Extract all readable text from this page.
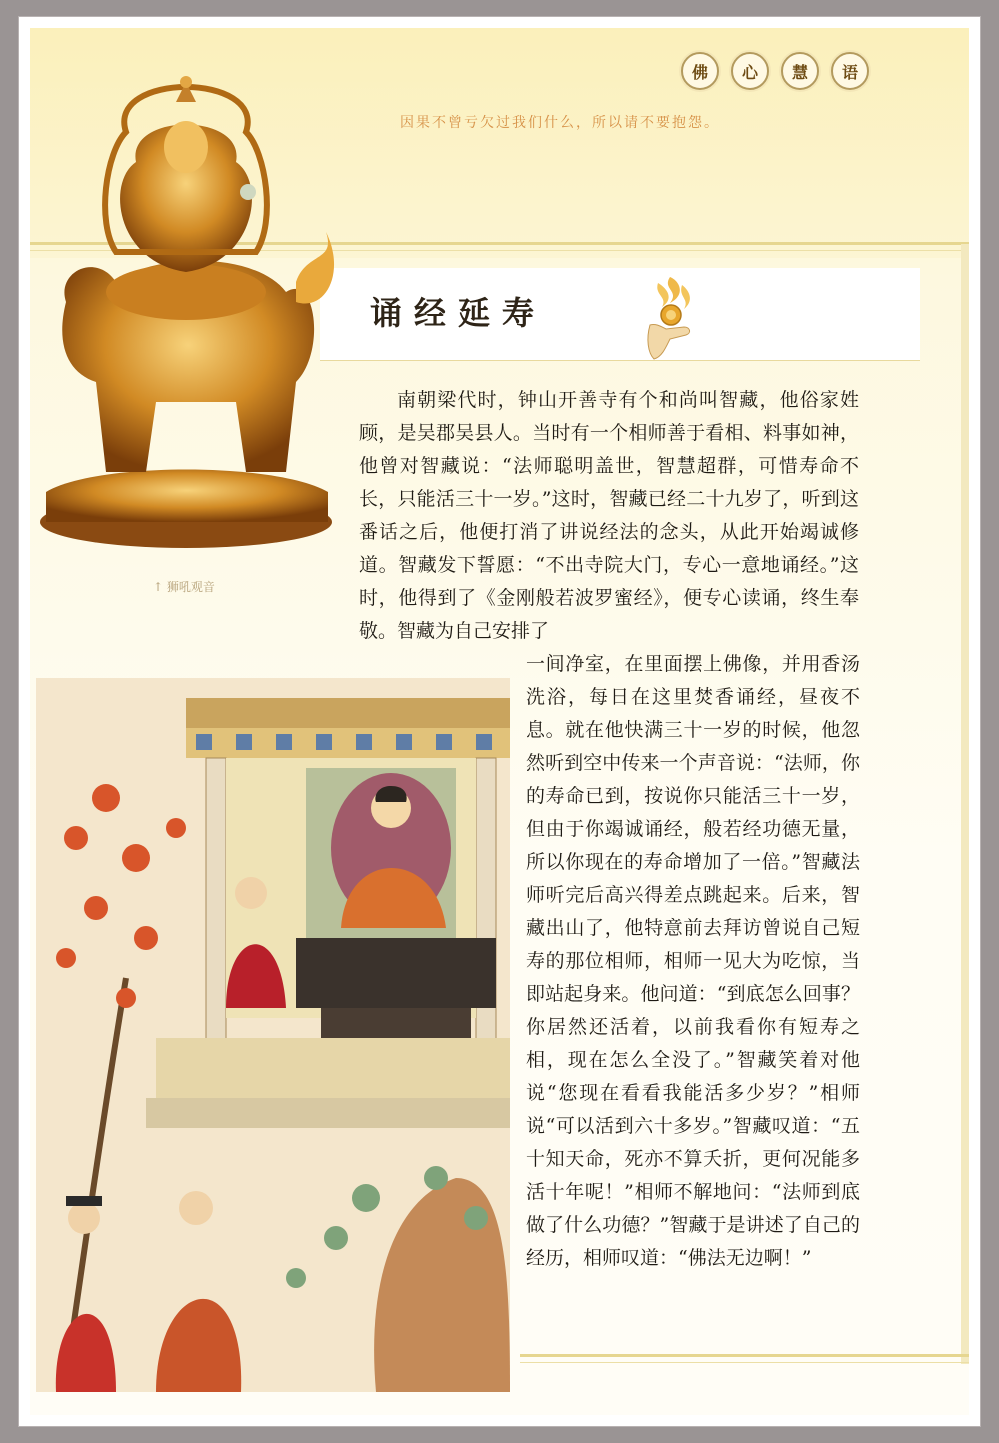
佛	心	慧	语
因果不曾亏欠过我们什么，所以请不要抱怨。
诵经延寿
↑ 狮吼观音
南朝梁代时，钟山开善寺有个和尚叫智藏，他俗家姓顾，是吴郡吴县人。当时有一个相师善于看相、料事如神，他曾对智藏说：“法师聪明盖世，智慧超群，可惜寿命不长，只能活三十一岁。”这时，智藏已经二十九岁了，听到这番话之后，他便打消了讲说经法的念头，从此开始竭诚修道。智藏发下誓愿：“不出寺院大门，专心一意地诵经。”这时，他得到了《金刚般若波罗蜜经》，便专心读诵，终生奉敬。智藏为自己安排了
一间净室，在里面摆上佛像，并用香汤洗浴，每日在这里焚香诵经，昼夜不息。就在他快满三十一岁的时候，他忽然听到空中传来一个声音说：“法师，你的寿命已到，按说你只能活三十一岁，但由于你竭诚诵经，般若经功德无量，所以你现在的寿命增加了一倍。”智藏法师听完后高兴得差点跳起来。后来，智藏出山了，他特意前去拜访曾说自己短寿的那位相师，相师一见大为吃惊，当即站起身来。他问道：“到底怎么回事？你居然还活着，以前我看你有短寿之相，现在怎么全没了。”智藏笑着对他说“您现在看看我能活多少岁？”相师说“可以活到六十多岁。”智藏叹道：“五十知天命，死亦不算夭折，更何况能多活十年呢！”相师不解地问：“法师到底做了什么功德？”智藏于是讲述了自己的经历，相师叹道：“佛法无边啊！”
